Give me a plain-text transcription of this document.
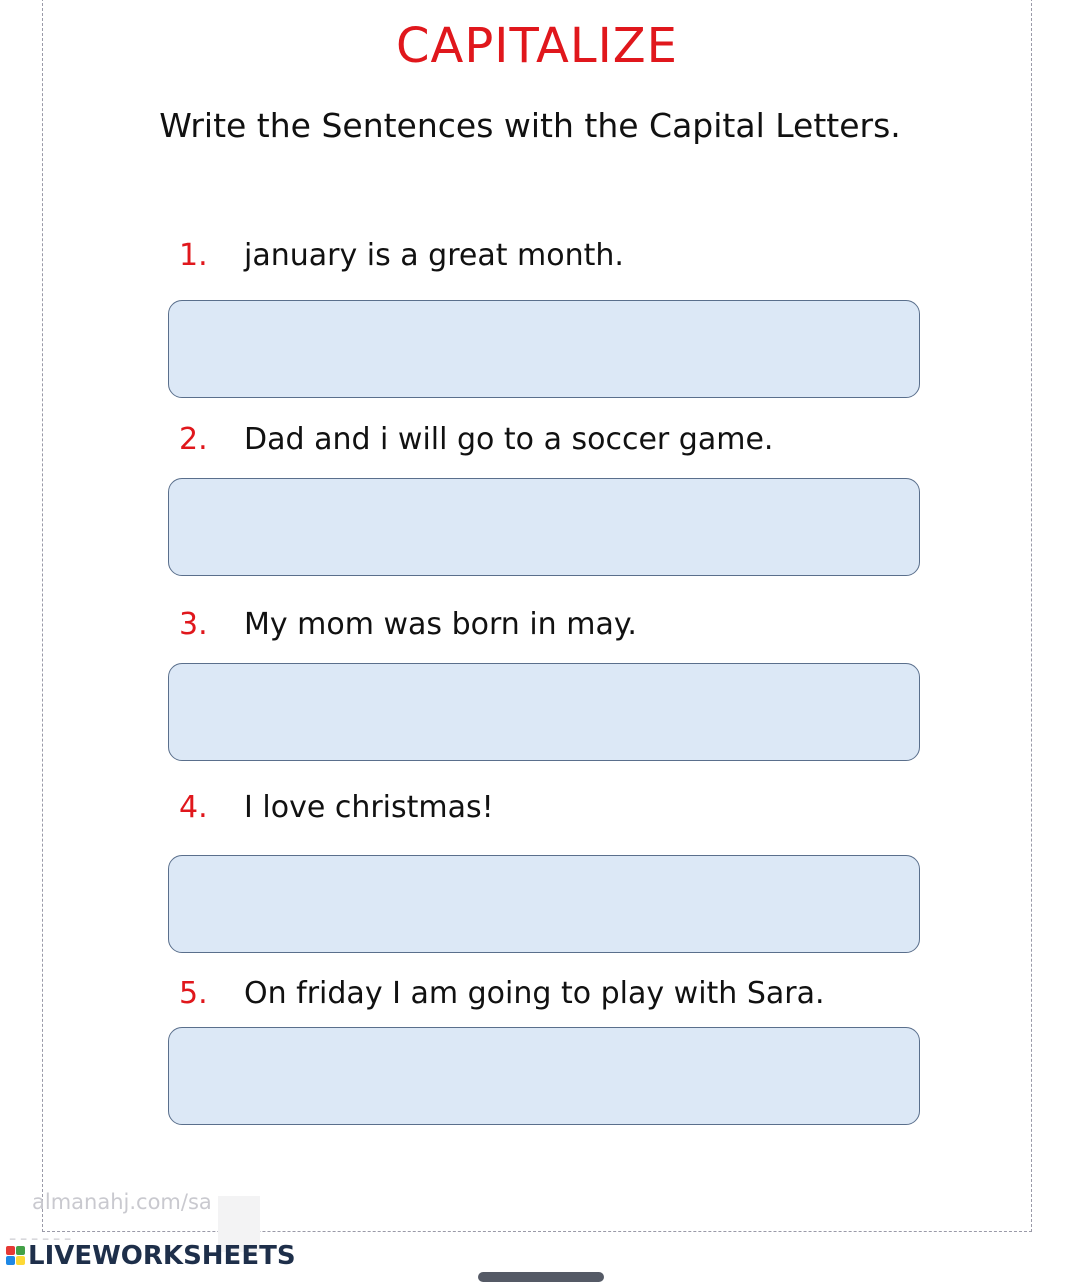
CAPITALIZE
Write the Sentences with the Capital Letters.
1. january is a great month.
2. Dad and i will go to a soccer game.
3. My mom was born in may.
4. I love christmas!
5. On friday I am going to play with Sara.
almanahj.com/sa
ـ ـ ـ ـ ـ ـ
LIVEWORKSHEETS
